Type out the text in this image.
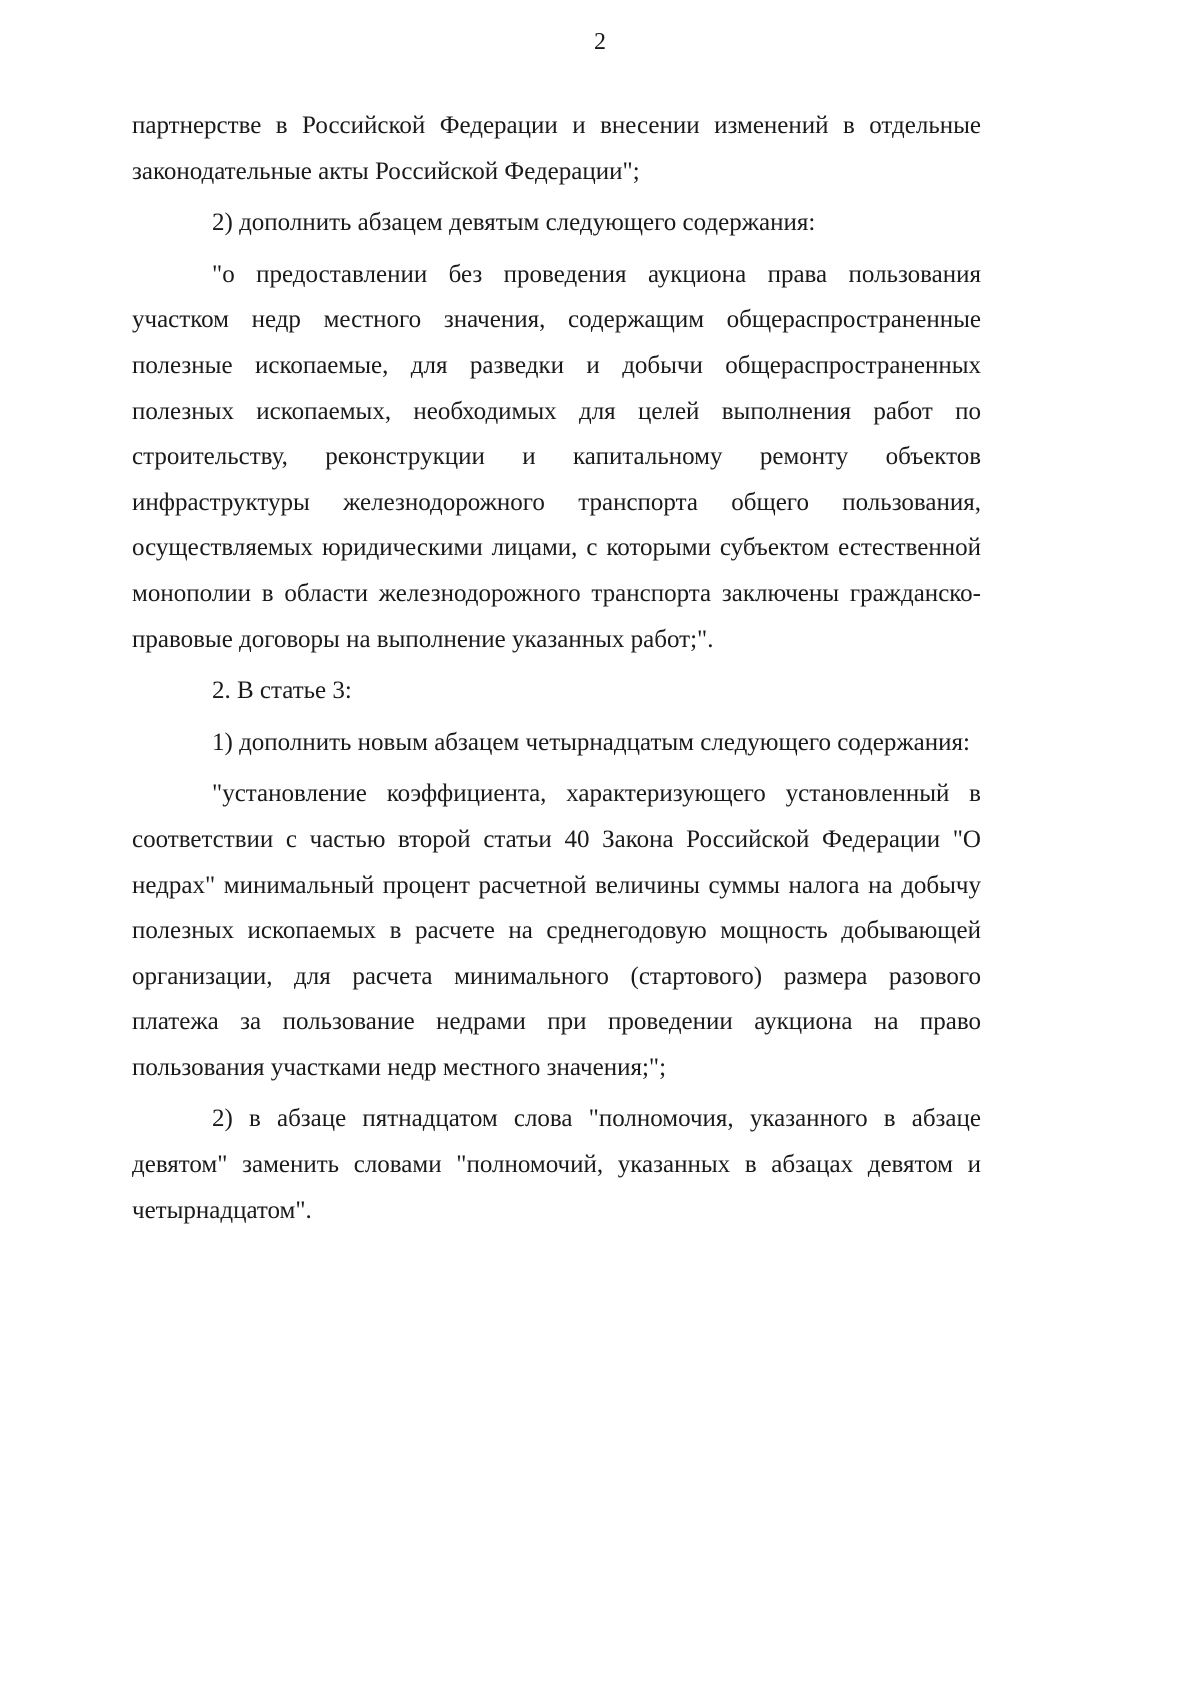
2

партнерстве в Российской Федерации и внесении изменений в отдельные законодательные акты Российской Федерации";

2) дополнить абзацем девятым следующего содержания:

"о предоставлении без проведения аукциона права пользования участком недр местного значения, содержащим общераспространенные полезные ископаемые, для разведки и добычи общераспространенных полезных ископаемых, необходимых для целей выполнения работ по строительству, реконструкции и капитальному ремонту объектов инфраструктуры железнодорожного транспорта общего пользования, осуществляемых юридическими лицами, с которыми субъектом естественной монополии в области железнодорожного транспорта заключены гражданско-правовые договоры на выполнение указанных работ;".

2. В статье 3:

1) дополнить новым абзацем четырнадцатым следующего содержания:

"установление коэффициента, характеризующего установленный в соответствии с частью второй статьи 40 Закона Российской Федерации "О недрах" минимальный процент расчетной величины суммы налога на добычу полезных ископаемых в расчете на среднегодовую мощность добывающей организации, для расчета минимального (стартового) размера разового платежа за пользование недрами при проведении аукциона на право пользования участками недр местного значения;";

2) в абзаце пятнадцатом слова "полномочия, указанного в абзаце девятом" заменить словами "полномочий, указанных в абзацах девятом и четырнадцатом".
